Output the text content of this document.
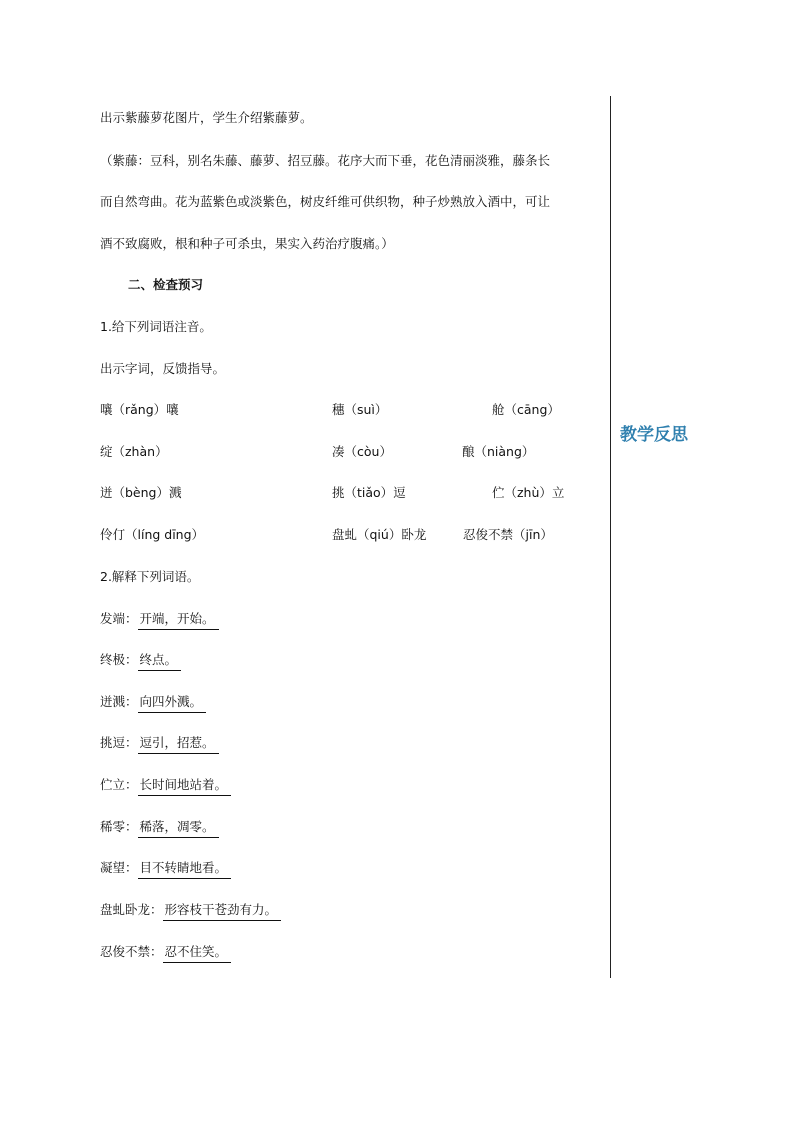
教学反思
出示紫藤萝花图片，学生介绍紫藤萝。
（紫藤：豆科，别名朱藤、藤萝、招豆藤。花序大而下垂，花色清丽淡雅，藤条长
而自然弯曲。花为蓝紫色或淡紫色，树皮纤维可供织物，种子炒熟放入酒中，可让
酒不致腐败，根和种子可杀虫，果实入药治疗腹痛。）
二、检查预习
1.给下列词语注音。
出示字词，反馈指导。
嚷（rǎng）嚷	穗（suì）	舱（cāng）
绽（zhàn）	凑（còu）	酿（niàng）
迸（bèng）溅	挑（tiǎo）逗	伫（zhù）立
伶仃（líng dīng）	盘虬（qiú）卧龙	忍俊不禁（jīn）
2.解释下列词语。
发端： 开端，开始。
终极： 终点。
迸溅： 向四外溅。
挑逗： 逗引，招惹。
伫立： 长时间地站着。
稀零： 稀落，凋零。
凝望： 目不转睛地看。
盘虬卧龙： 形容枝干苍劲有力。
忍俊不禁： 忍不住笑。
